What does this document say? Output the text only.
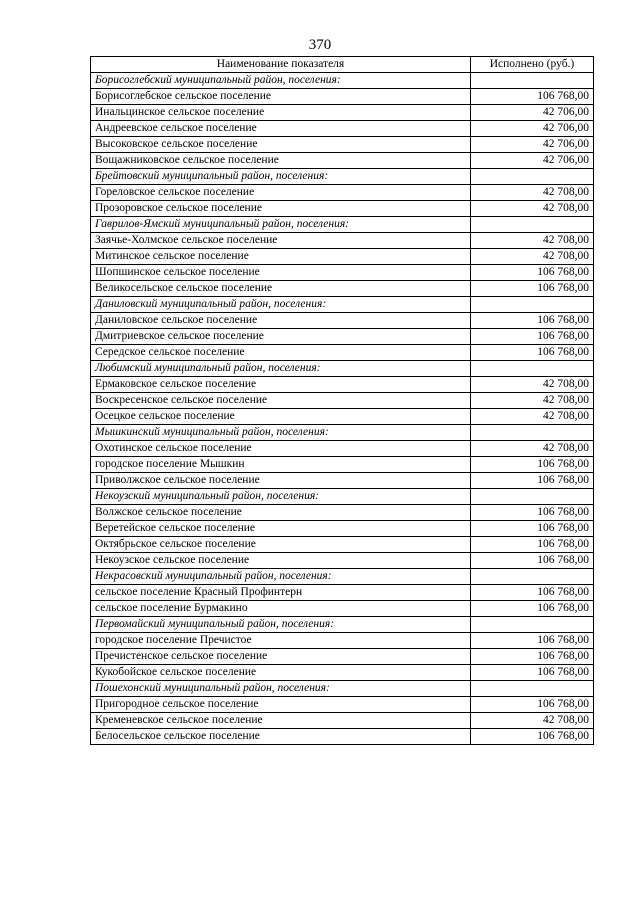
370
Наименование показателя	Исполнено (руб.)
Борисоглебский муниципальный район, поселения:	
Борисоглебское сельское поселение	106 768,00
Инальцинское сельское поселение	42 706,00
Андреевское сельское поселение	42 706,00
Высоковское сельское поселение	42 706,00
Вощажниковское сельское поселение	42 706,00
Брейтовский муниципальный район, поселения:	
Гореловское сельское поселение	42 708,00
Прозоровское сельское поселение	42 708,00
Гаврилов-Ямский муниципальный район, поселения:	
Заячье-Холмское сельское поселение	42 708,00
Митинское сельское поселение	42 708,00
Шопшинское сельское поселение	106 768,00
Великосельское сельское поселение	106 768,00
Даниловский муниципальный район, поселения:	
Даниловское сельское поселение	106 768,00
Дмитриевское сельское поселение	106 768,00
Середское сельское поселение	106 768,00
Любимский муниципальный район, поселения:	
Ермаковское сельское поселение	42 708,00
Воскресенское сельское поселение	42 708,00
Осецкое сельское поселение	42 708,00
Мышкинский муниципальный район, поселения:	
Охотинское сельское поселение	42 708,00
городское поселение Мышкин	106 768,00
Приволжское сельское поселение	106 768,00
Некоузский муниципальный район, поселения:	
Волжское сельское поселение	106 768,00
Веретейское сельское поселение	106 768,00
Октябрьское сельское поселение	106 768,00
Некоузское сельское поселение	106 768,00
Некрасовский муниципальный район, поселения:	
сельское поселение Красный Профинтерн	106 768,00
сельское поселение Бурмакино	106 768,00
Первомайский муниципальный район, поселения:	
городское поселение Пречистое	106 768,00
Пречистенское сельское поселение	106 768,00
Кукобойское сельское поселение	106 768,00
Пошехонский муниципальный район, поселения:	
Пригородное сельское поселение	106 768,00
Кременевское сельское поселение	42 708,00
Белосельское сельское поселение	106 768,00
